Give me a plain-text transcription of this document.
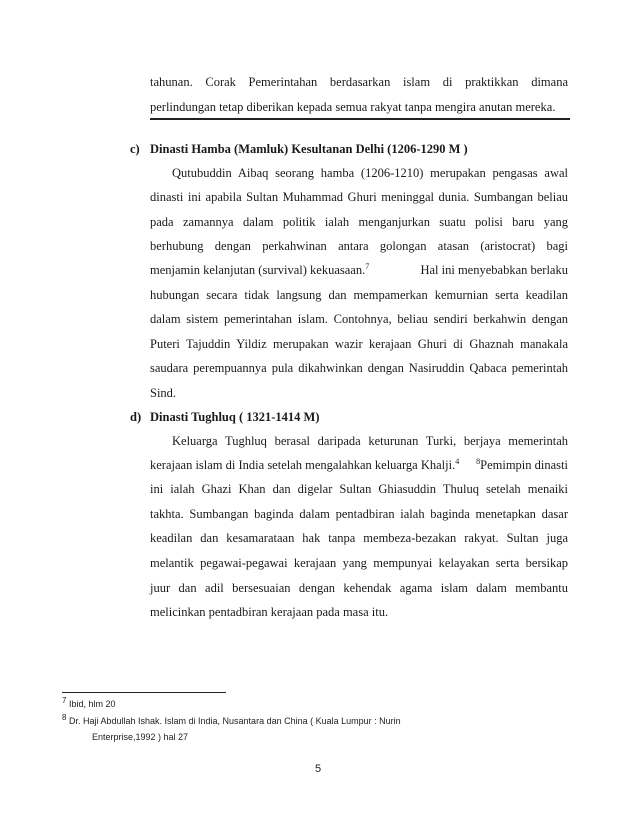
tahunan. Corak Pemerintahan berdasarkan islam di praktikkan dimana
perlindungan tetap diberikan kepada semua rakyat tanpa mengira anutan mereka.
c) Dinasti Hamba (Mamluk) Kesultanan Delhi (1206-1290 M )
Qutubuddin Aibaq seorang hamba (1206-1210) merupakan pengasas awal
dinasti ini apabila Sultan Muhammad Ghuri meninggal dunia. Sumbangan beliau
pada zamannya dalam politik ialah menganjurkan suatu polisi baru yang
berhubung dengan perkahwinan antara golongan atasan (aristocrat) bagi
menjamin kelanjutan (survival) kekuasaan.$^7$	Hal ini menyebabkan berlaku
hubungan secara tidak langsung dan mempamerkan kemurnian serta keadilan
dalam sistem pemerintahan islam. Contohnya, beliau sendiri berkahwin dengan
Puteri Tajuddin Yildiz merupakan wazir kerajaan Ghuri di Ghaznah manakala
saudara perempuannya pula dikahwinkan dengan Nasiruddin Qabaca pemerintah
Sind.
d) Dinasti Tughluq ( 1321-1414 M)
Keluarga Tughluq berasal daripada keturunan Turki, berjaya memerintah
kerajaan islam di India setelah mengalahkan keluarga Khalji.$^4$ $^8$Pemimpin dinasti
ini ialah Ghazi Khan dan digelar Sultan Ghiasuddin Thuluq setelah menaiki
takhta. Sumbangan baginda dalam pentadbiran ialah baginda menetapkan dasar
keadilan dan kesamarataan hak tanpa membeza-bezakan rakyat. Sultan juga
melantik pegawai-pegawai kerajaan yang mempunyai kelayakan serta bersikap
juur dan adil bersesuaian dengan kehendak agama islam dalam membantu
melicinkan pentadbiran kerajaan pada masa itu.
$^7$ Ibid, hlm 20
$^8$ Dr. Haji Abdullah Ishak. Islam di India, Nusantara dan China ( Kuala Lumpur : Nurin
Enterprise,1992 ) hal 27
5
